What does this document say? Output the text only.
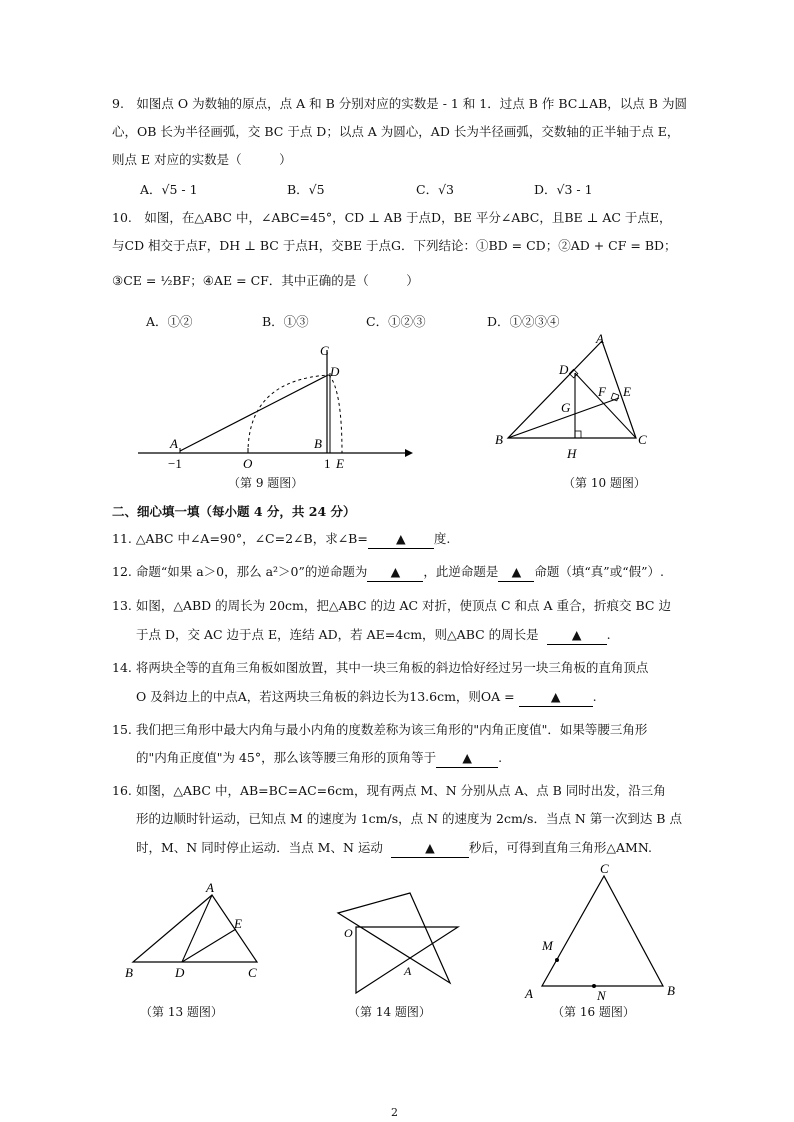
9.　如图点 O 为数轴的原点，点 A 和 B 分别对应的实数是 - 1 和 1．过点 B 作 BC⊥AB，以点 B 为圆
心，OB 长为半径画弧，交 BC 于点 D；以点 A 为圆心，AD 长为半径画弧，交数轴的正半轴于点 E，
则点 E 对应的实数是（　　　）
A．√5 - 1	B．√5	C．√3	D．√3 - 1
10.　如图，在△ABC 中，∠ABC=45°，CD ⊥ AB 于点D，BE 平分∠ABC，且BE ⊥ AC 于点E，
与CD 相交于点F，DH ⊥ BC 于点H，交BE 于点G．下列结论：①BD = CD；②AD + CF = BD；
③CE = ½BF；④AE = CF．其中正确的是（　　　）
A．①②	B．①③	C．①②③	D．①②③④
C
D
A	B
−1	O	1 E
（第 9 题图）
A
D
F E
G
B	C
H
（第 10 题图）
二、细心填一填（每小题 4 分，共 24 分）
11. △ABC 中∠A=90°，∠C=2∠B，求∠B= ▲ 度.
12. 命题“如果 a＞0，那么 a²＞0”的逆命题为 ▲ ，此逆命题是 ▲ 命题（填“真”或“假”）.
13. 如图，△ABD 的周长为 20cm，把△ABC 的边 AC 对折，使顶点 C 和点 A 重合，折痕交 BC 边
于点 D，交 AC 边于点 E，连结 AD，若 AE=4cm，则△ABC 的周长是	▲ .
14. 将两块全等的直角三角板如图放置，其中一块三角板的斜边恰好经过另一块三角板的直角顶点
O 及斜边上的中点A，若这两块三角板的斜边长为13.6cm，则OA =	▲	.
15. 我们把三角形中最大内角与最小内角的度数差称为该三角形的"内角正度值"．如果等腰三角形
的"内角正度值"为 45°，那么该等腰三角形的顶角等于 ▲ .
16. 如图，△ABC 中，AB=BC=AC=6cm，现有两点 M、N 分别从点 A、点 B 同时出发，沿三角
形的边顺时针运动，已知点 M 的速度为 1cm/s，点 N 的速度为 2cm/s．当点 N 第一次到达 B 点
时，M、N 同时停止运动．当点 M、N 运动	▲	秒后，可得到直角三角形△AMN.
A
E
B	D	C
（第 13 题图）
O
A
（第 14 题图）
C
M
A	N	B
（第 16 题图）
2
